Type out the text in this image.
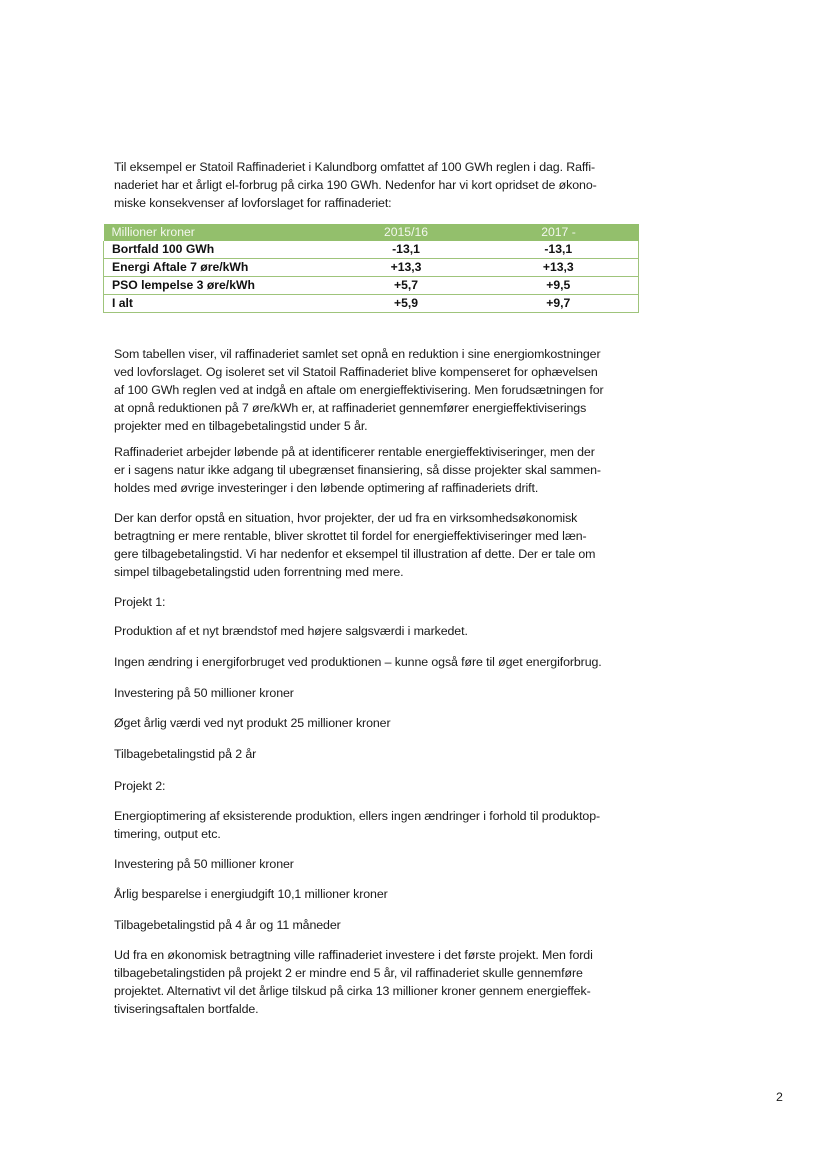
Til eksempel er Statoil Raffinaderiet i Kalundborg omfattet af 100 GWh reglen i dag. Raffi-
naderiet har et årligt el-forbrug på cirka 190 GWh. Nedenfor har vi kort opridset de økono-
miske konsekvenser af lovforslaget for raffinaderiet:

Millioner kroner	2015/16	2017 -
Bortfald 100 GWh	-13,1	-13,1
Energi Aftale 7 øre/kWh	+13,3	+13,3
PSO lempelse 3 øre/kWh	+5,7	+9,5
I alt	+5,9	+9,7

Som tabellen viser, vil raffinaderiet samlet set opnå en reduktion i sine energiomkostninger
ved lovforslaget. Og isoleret set vil Statoil Raffinaderiet blive kompenseret for ophævelsen
af 100 GWh reglen ved at indgå en aftale om energieffektivisering. Men forudsætningen for
at opnå reduktionen på 7 øre/kWh er, at raffinaderiet gennemfører energieffektiviserings
projekter med en tilbagebetalingstid under 5 år.

Raffinaderiet arbejder løbende på at identificerer rentable energieffektiviseringer, men der
er i sagens natur ikke adgang til ubegrænset finansiering, så disse projekter skal sammen-
holdes med øvrige investeringer i den løbende optimering af raffinaderiets drift.

Der kan derfor opstå en situation, hvor projekter, der ud fra en virksomhedsøkonomisk
betragtning er mere rentable, bliver skrottet til fordel for energieffektiviseringer med læn-
gere tilbagebetalingstid. Vi har nedenfor et eksempel til illustration af dette. Der er tale om
simpel tilbagebetalingstid uden forrentning med mere.

Projekt 1:

Produktion af et nyt brændstof med højere salgsværdi i markedet.

Ingen ændring i energiforbruget ved produktionen – kunne også føre til øget energiforbrug.

Investering på 50 millioner kroner

Øget årlig værdi ved nyt produkt 25 millioner kroner

Tilbagebetalingstid på 2 år

Projekt 2:

Energioptimering af eksisterende produktion, ellers ingen ændringer i forhold til produktop-
timering, output etc.

Investering på 50 millioner kroner

Årlig besparelse i energiudgift 10,1 millioner kroner

Tilbagebetalingstid på 4 år og 11 måneder

Ud fra en økonomisk betragtning ville raffinaderiet investere i det første projekt. Men fordi
tilbagebetalingstiden på projekt 2 er mindre end 5 år, vil raffinaderiet skulle gennemføre
projektet. Alternativt vil det årlige tilskud på cirka 13 millioner kroner gennem energieffek-
tiviseringsaftalen bortfalde.

2
